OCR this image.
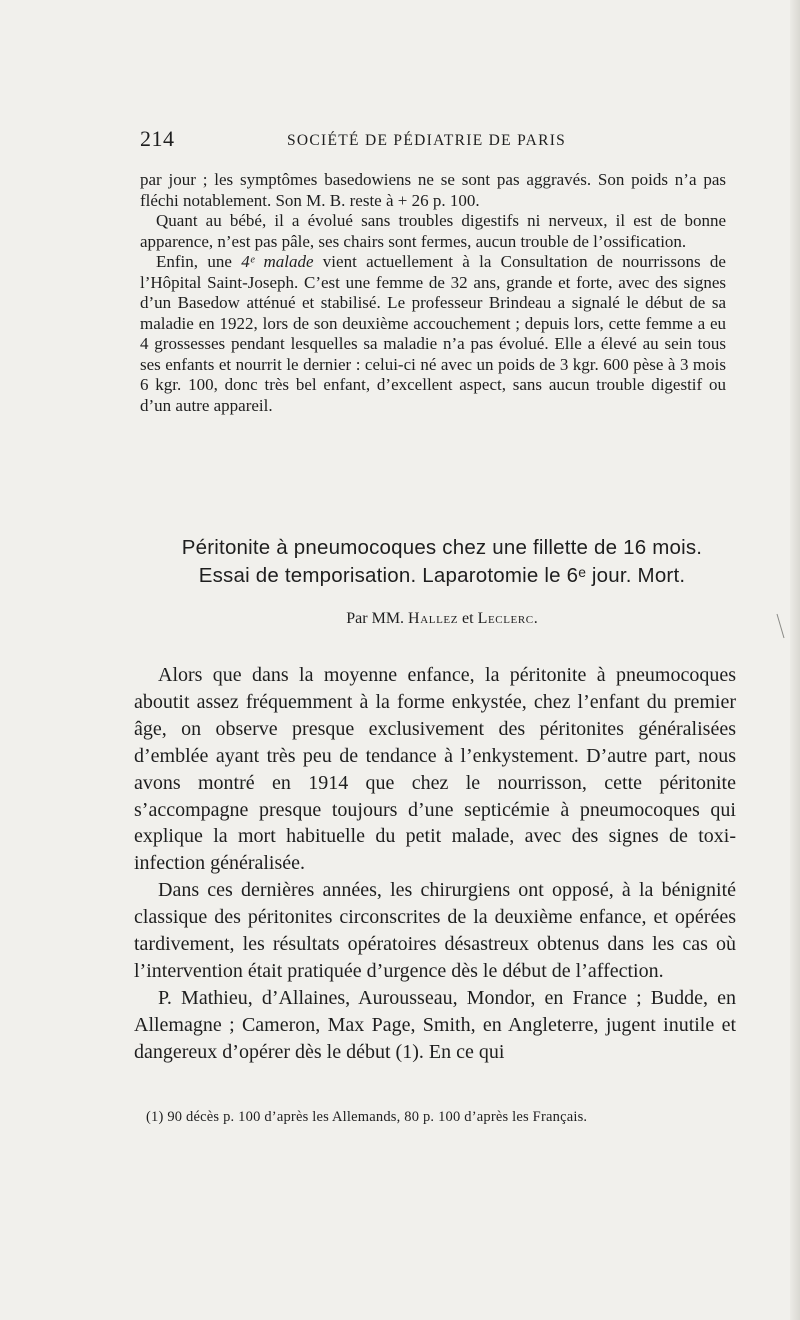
214	SOCIÉTÉ DE PÉDIATRIE DE PARIS

par jour ; les symptômes basedowiens ne se sont pas aggravés. Son poids n’a pas fléchi notablement. Son M. B. reste à + 26 p. 100.

Quant au bébé, il a évolué sans troubles digestifs ni nerveux, il est de bonne apparence, n’est pas pâle, ses chairs sont fermes, aucun trouble de l’ossification.

Enfin, une 4ᵉ malade vient actuellement à la Consultation de nourrissons de l’Hôpital Saint-Joseph. C’est une femme de 32 ans, grande et forte, avec des signes d’un Basedow atténué et stabilisé. Le professeur Brindeau a signalé le début de sa maladie en 1922, lors de son deuxième accouchement ; depuis lors, cette femme a eu 4 grossesses pendant lesquelles sa maladie n’a pas évolué. Elle a élevé au sein tous ses enfants et nourrit le dernier : celui-ci né avec un poids de 3 kgr. 600 pèse à 3 mois 6 kgr. 100, donc très bel enfant, d’excellent aspect, sans aucun trouble digestif ou d’un autre appareil.

Péritonite à pneumocoques chez une fillette de 16 mois.
Essai de temporisation. Laparotomie le 6ᵉ jour. Mort.
Par MM. Hallez et Leclerc.

Alors que dans la moyenne enfance, la péritonite à pneumocoques aboutit assez fréquemment à la forme enkystée, chez l’enfant du premier âge, on observe presque exclusivement des péritonites généralisées d’emblée ayant très peu de tendance à l’enkystement. D’autre part, nous avons montré en 1914 que chez le nourrisson, cette péritonite s’accompagne presque toujours d’une septicémie à pneumocoques qui explique la mort habituelle du petit malade, avec des signes de toxi-infection généralisée.

Dans ces dernières années, les chirurgiens ont opposé, à la bénignité classique des péritonites circonscrites de la deuxième enfance, et opérées tardivement, les résultats opératoires désastreux obtenus dans les cas où l’intervention était pratiquée d’urgence dès le début de l’affection.

P. Mathieu, d’Allaines, Aurousseau, Mondor, en France ; Budde, en Allemagne ; Cameron, Max Page, Smith, en Angleterre, jugent inutile et dangereux d’opérer dès le début (1). En ce qui

(1) 90 décès p. 100 d’après les Allemands, 80 p. 100 d’après les Français.
